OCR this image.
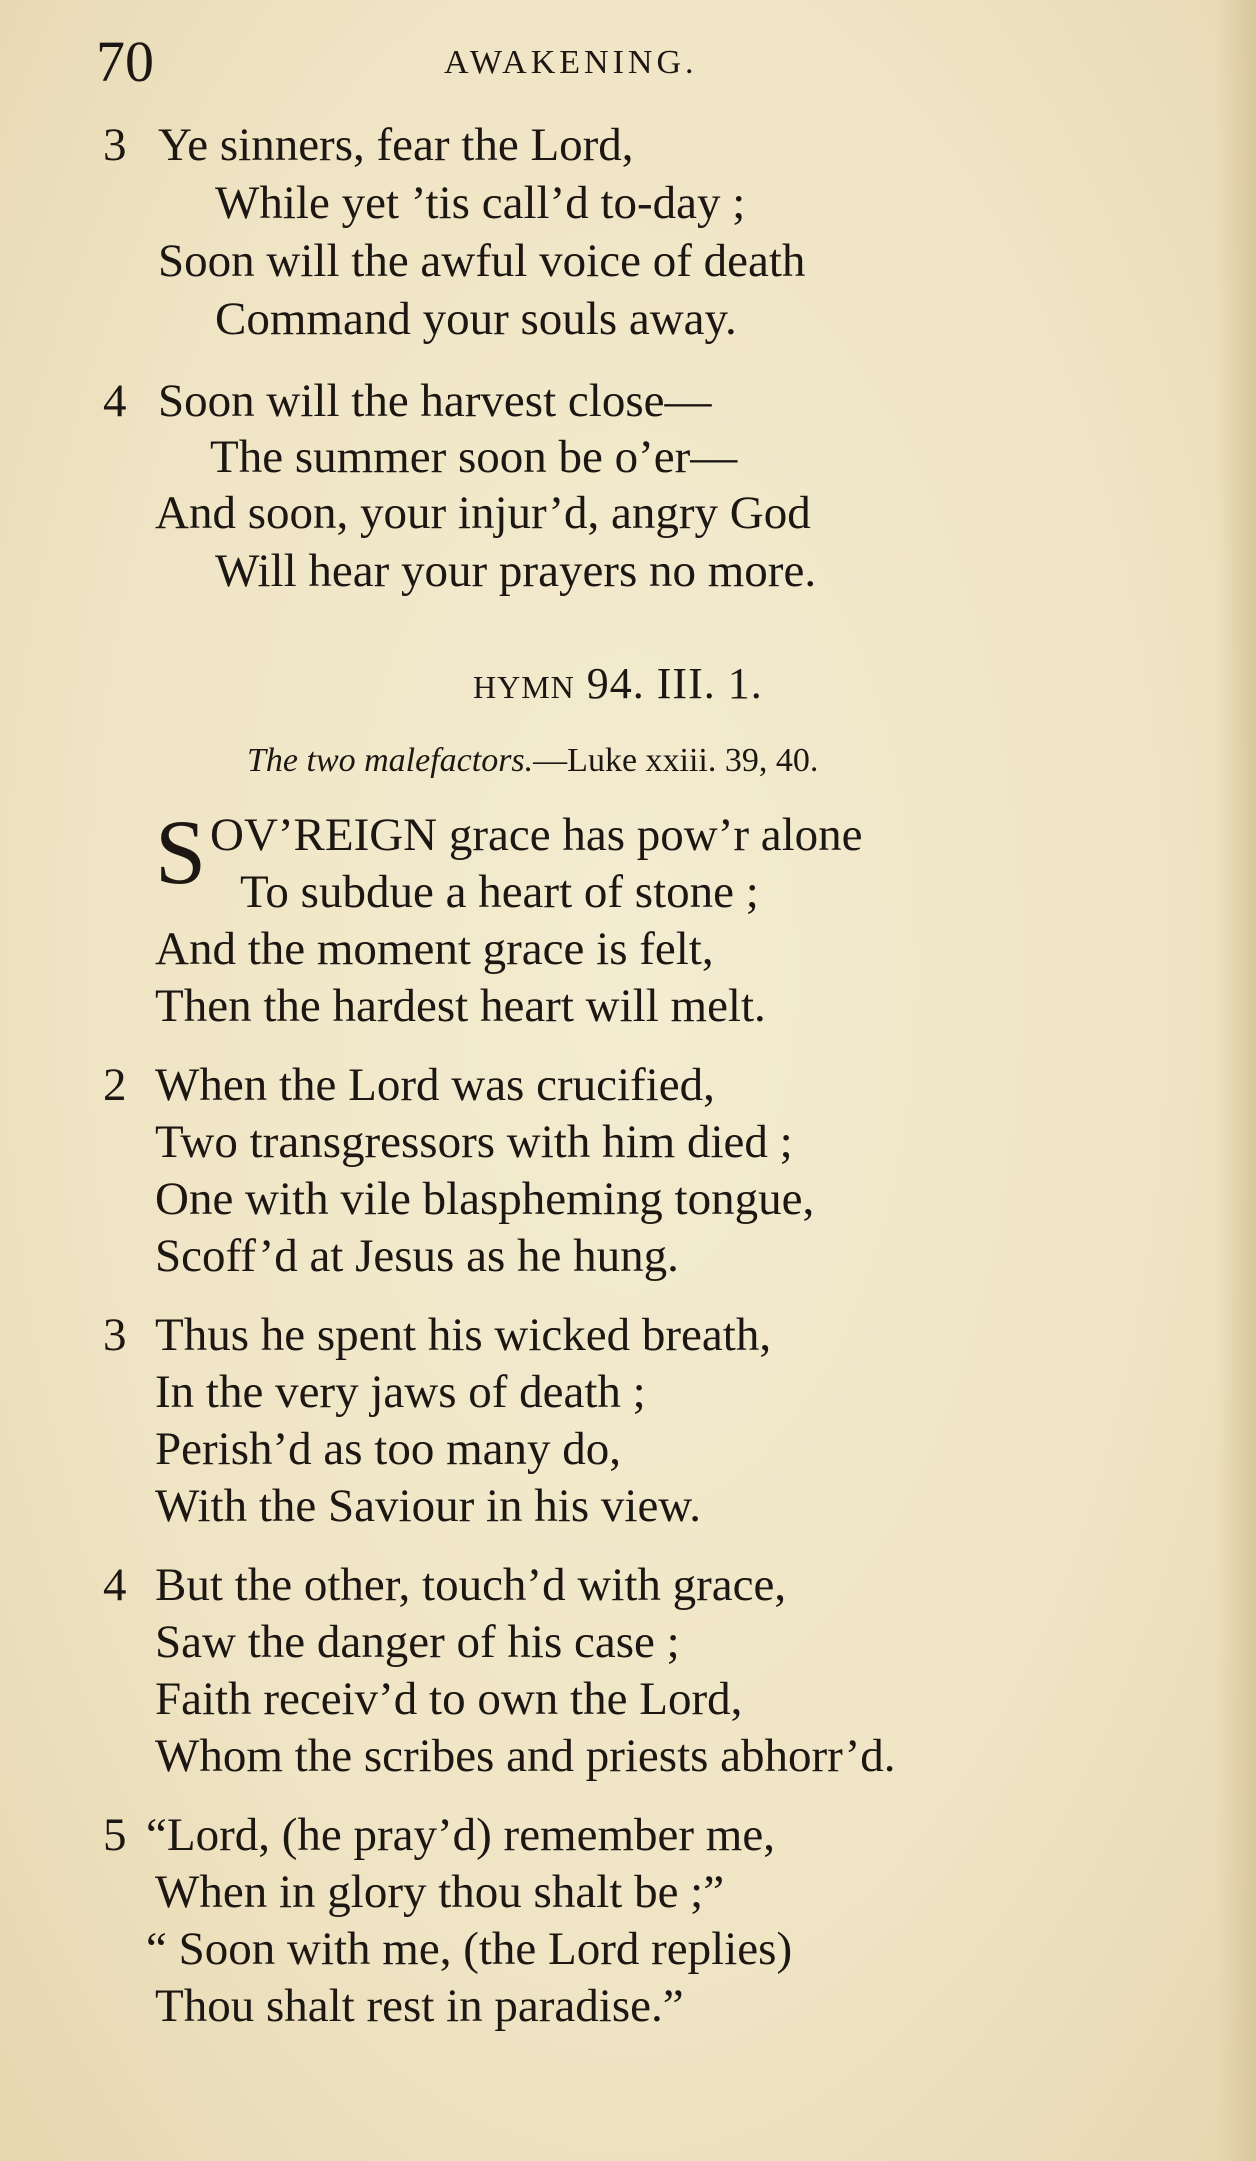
70	AWAKENING.
3 Ye sinners, fear the Lord,
While yet ’tis call’d to-day ;
Soon will the awful voice of death
Command your souls away.
4 Soon will the harvest close—
The summer soon be o’er—
And soon, your injur’d, angry God
Will hear your prayers no more.
HYMN 94. III. 1.
The two malefactors.—Luke xxiii. 39, 40.
S OV’REIGN grace has pow’r alone
To subdue a heart of stone ;
And the moment grace is felt,
Then the hardest heart will melt.
2 When the Lord was crucified,
Two transgressors with him died ;
One with vile blaspheming tongue,
Scoff’d at Jesus as he hung.
3 Thus he spent his wicked breath,
In the very jaws of death ;
Perish’d as too many do,
With the Saviour in his view.
4 But the other, touch’d with grace,
Saw the danger of his case ;
Faith receiv’d to own the Lord,
Whom the scribes and priests abhorr’d.
5 “Lord, (he pray’d) remember me,
When in glory thou shalt be ;”
“ Soon with me, (the Lord replies)
Thou shalt rest in paradise.”
